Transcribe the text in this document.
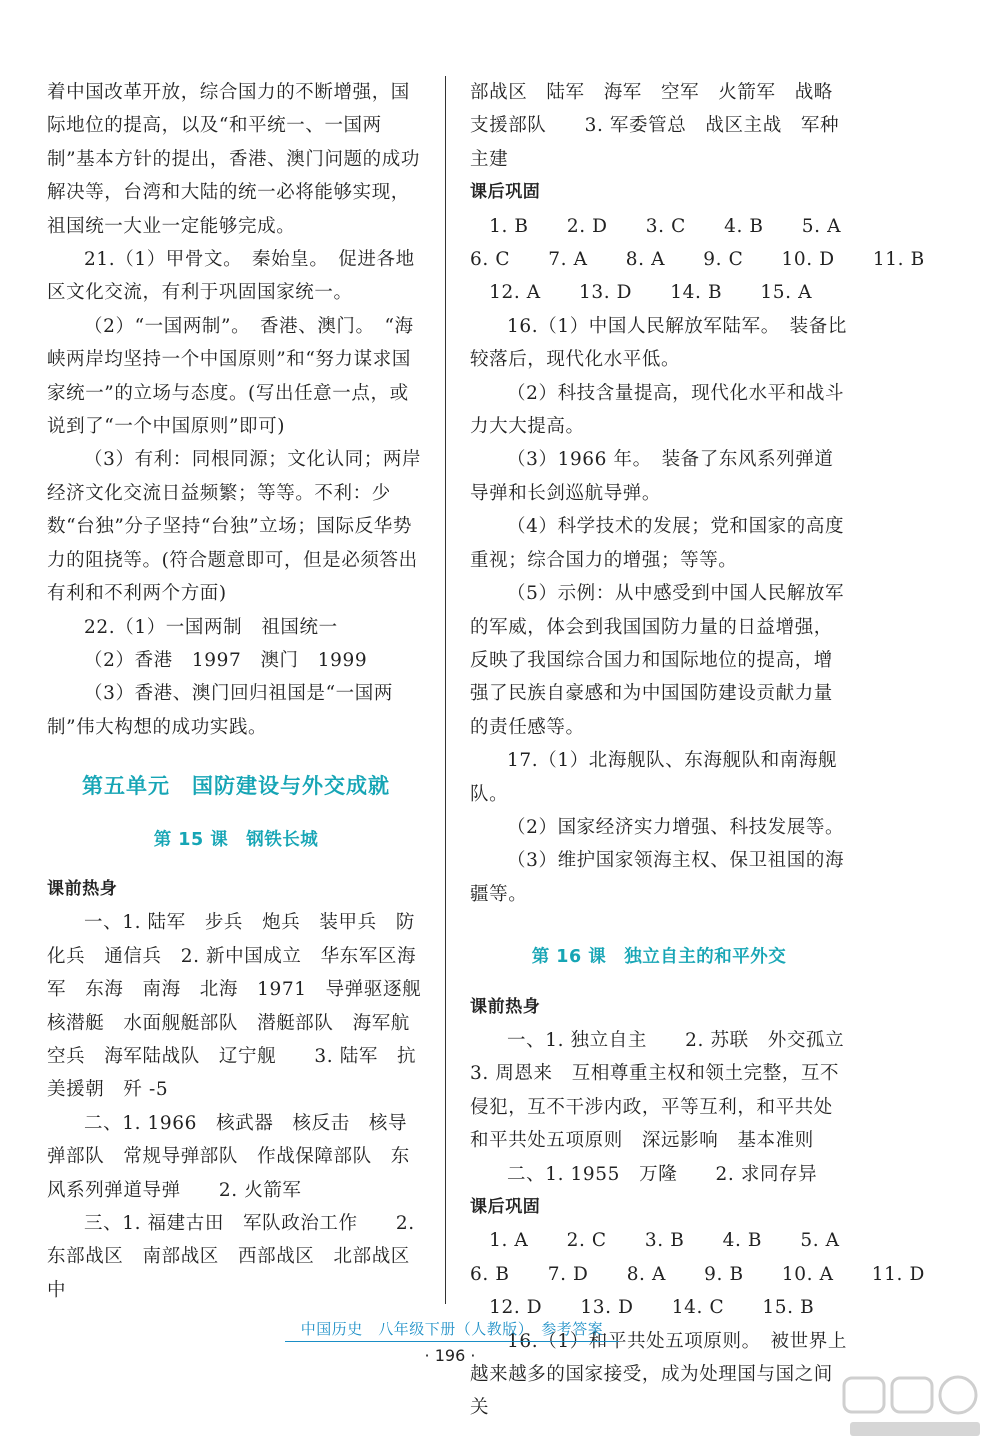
着中国改革开放，综合国力的不断增强，国际地位的提高，以及“和平统一、一国两制”基本方针的提出，香港、澳门问题的成功解决等，台湾和大陆的统一必将能够实现，祖国统一大业一定能够完成。

21.（1）甲骨文。　秦始皇。　促进各地区文化交流，有利于巩固国家统一。

（2）“一国两制”。　香港、澳门。　“海峡两岸均坚持一个中国原则”和“努力谋求国家统一”的立场与态度。(写出任意一点，或说到了“一个中国原则”即可)

（3）有利：同根同源；文化认同；两岸经济文化交流日益频繁；等等。不利：少数“台独”分子坚持“台独”立场；国际反华势力的阻挠等。(符合题意即可，但是必须答出有利和不利两个方面)

22.（1）一国两制　祖国统一

（2）香港　1997　澳门　1999

（3）香港、澳门回归祖国是“一国两制”伟大构想的成功实践。

第五单元　国防建设与外交成就

第 15 课　钢铁长城

课前热身

一、1. 陆军　步兵　炮兵　装甲兵　防化兵　通信兵　2. 新中国成立　华东军区海军　东海　南海　北海　1971　导弹驱逐舰　核潜艇　水面舰艇部队　潜艇部队　海军航空兵　海军陆战队　辽宁舰　　3. 陆军　抗美援朝　歼 -5

二、1. 1966　核武器　核反击　核导弹部队　常规导弹部队　作战保障部队　东风系列弹道导弹　　2. 火箭军

三、1. 福建古田　军队政治工作　　2. 东部战区　南部战区　西部战区　北部战区　中

部战区　陆军　海军　空军　火箭军　战略支援部队　　3. 军委管总　战区主战　军种主建

课后巩固

　1. B　　2. D　　3. C　　4. B　　5. A

6. C　　7. A　　8. A　　9. C　　10. D　　11. B

　12. A　　13. D　　14. B　　15. A

16.（1）中国人民解放军陆军。　装备比较落后，现代化水平低。

（2）科技含量提高，现代化水平和战斗力大大提高。

（3）1966 年。　装备了东风系列弹道导弹和长剑巡航导弹。

（4）科学技术的发展；党和国家的高度重视；综合国力的增强；等等。

（5）示例：从中感受到中国人民解放军的军威，体会到我国国防力量的日益增强，反映了我国综合国力和国际地位的提高，增强了民族自豪感和为中国国防建设贡献力量的责任感等。

17.（1）北海舰队、东海舰队和南海舰队。

（2）国家经济实力增强、科技发展等。

（3）维护国家领海主权、保卫祖国的海疆等。

第 16 课　独立自主的和平外交

课前热身

一、1. 独立自主　　2. 苏联　外交孤立　3. 周恩来　互相尊重主权和领土完整，互不侵犯，互不干涉内政，平等互利，和平共处　和平共处五项原则　深远影响　基本准则

二、1. 1955　万隆　　2. 求同存异

课后巩固

　1. A　　2. C　　3. B　　4. B　　5. A

6. B　　7. D　　8. A　　9. B　　10. A　　11. D

　12. D　　13. D　　14. C　　15. B

16.（1）和平共处五项原则。　被世界上越来越多的国家接受，成为处理国与国之间关

中国历史　八年级下册（人教版）　参考答案
· 196 ·
